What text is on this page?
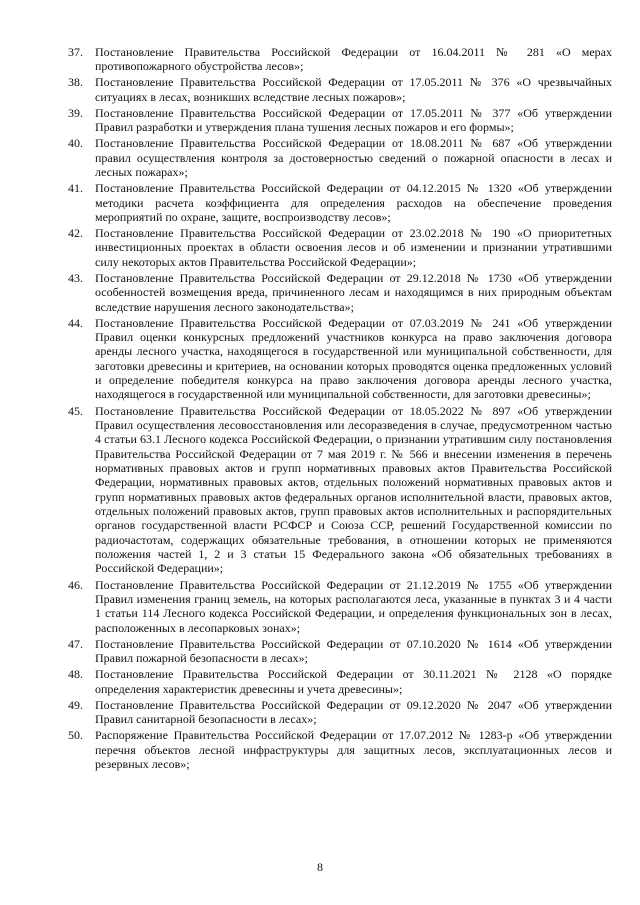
37.	Постановление Правительства Российской Федерации от 16.04.2011 № 281 «О мерах противопожарного обустройства лесов»;
38.	Постановление Правительства Российской Федерации от 17.05.2011 № 376 «О чрезвычайных ситуациях в лесах, возникших вследствие лесных пожаров»;
39.	Постановление Правительства Российской Федерации от 17.05.2011 № 377 «Об утверждении Правил разработки и утверждения плана тушения лесных пожаров и его формы»;
40.	Постановление Правительства Российской Федерации от 18.08.2011 № 687 «Об утверждении правил осуществления контроля за достоверностью сведений о пожарной опасности в лесах и лесных пожарах»;
41.	Постановление Правительства Российской Федерации от 04.12.2015 № 1320 «Об утверждении методики расчета коэффициента для определения расходов на обеспечение проведения мероприятий по охране, защите, воспроизводству лесов»;
42.	Постановление Правительства Российской Федерации от 23.02.2018 № 190 «О приоритетных инвестиционных проектах в области освоения лесов и об изменении и признании утратившими силу некоторых актов Правительства Российской Федерации»;
43.	Постановление Правительства Российской Федерации от 29.12.2018 № 1730 «Об утверждении особенностей возмещения вреда, причиненного лесам и находящимся в них природным объектам вследствие нарушения лесного законодательства»;
44.	Постановление Правительства Российской Федерации от 07.03.2019 № 241 «Об утверждении Правил оценки конкурсных предложений участников конкурса на право заключения договора аренды лесного участка, находящегося в государственной или муниципальной собственности, для заготовки древесины и критериев, на основании которых проводятся оценка предложенных условий и определение победителя конкурса на право заключения договора аренды лесного участка, находящегося в государственной или муниципальной собственности, для заготовки древесины»;
45.	Постановление Правительства Российской Федерации от 18.05.2022 № 897 «Об утверждении Правил осуществления лесовосстановления или лесоразведения в случае, предусмотренном частью 4 статьи 63.1 Лесного кодекса Российской Федерации, о признании утратившим силу постановления Правительства Российской Федерации от 7 мая 2019 г. № 566 и внесении изменения в перечень нормативных правовых актов и групп нормативных правовых актов Правительства Российской Федерации, нормативных правовых актов, отдельных положений нормативных правовых актов и групп нормативных правовых актов федеральных органов исполнительной власти, правовых актов, отдельных положений правовых актов, групп правовых актов исполнительных и распорядительных органов государственной власти РСФСР и Союза ССР, решений Государственной комиссии по радиочастотам, содержащих обязательные требования, в отношении которых не применяются положения частей 1, 2 и 3 статьи 15 Федерального закона «Об обязательных требованиях в Российской Федерации»;
46.	Постановление Правительства Российской Федерации от 21.12.2019 № 1755 «Об утверждении Правил изменения границ земель, на которых располагаются леса, указанные в пунктах 3 и 4 части 1 статьи 114 Лесного кодекса Российской Федерации, и определения функциональных зон в лесах, расположенных в лесопарковых зонах»;
47.	Постановление Правительства Российской Федерации от 07.10.2020 № 1614 «Об утверждении Правил пожарной безопасности в лесах»;
48.	Постановление Правительства Российской Федерации от 30.11.2021 № 2128 «О порядке определения характеристик древесины и учета древесины»;
49.	Постановление Правительства Российской Федерации от 09.12.2020 № 2047 «Об утверждении Правил санитарной безопасности в лесах»;
50.	Распоряжение Правительства Российской Федерации от 17.07.2012 № 1283-р «Об утверждении перечня объектов лесной инфраструктуры для защитных лесов, эксплуатационных лесов и резервных лесов»;
8
